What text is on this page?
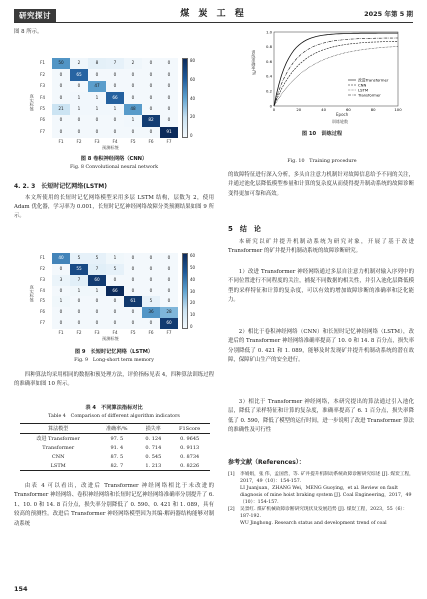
研究探讨	煤 炭 工 程	2025 年第 5 期
图 8 所示。
真实标签
F1
F2
F3
F4
F5
F6
F7
50	2	8	7	2	0	0
0	65	0	0	0	0	0
0	0	47	0	0	0	0
0	1	1	66	0	0	0
21	1	1	1	48	0	0
0	0	0	0	1	82	0
0	0	0	0	0	0	91
F1	F2	F3	F4	F5	F6	F7
预测标签
80
60
40
20
0
图 8 卷积神经网络（CNN）
Fig. 8 Convolutional neural network
4. 2. 3　长短时记忆网络(LSTM)
本文所使用的长短时记忆网络模型采用多层 LSTM 结构，层数为 2，使用 Adam 优化器，学习率为 0.001，长短时记忆神经网络故障分类预测结果如图 9 所示。
真实标签
F1
F2
F3
F4
F5
F6
F7
40	5	5	1	0	0	0
0	55	7	5	0	0	0
3	7	60	0	0	0	0
0	1	1	66	0	0	0
1	0	0	0	61	5	0
0	0	0	0	0	36	28
0	0	0	0	0	0	60
F1	F2	F3	F4	F5	F6	F7
预测标签
60
50
40
30
20
10
0
图 9　长短时记忆网络（LSTM）
Fig. 9　Long-short term memory
四种算法均采用相同的数据和预处理方法，评价指标见表 4，四种算法训练过程的准确率如图 10 所示。
表 4　不同算法指标对比
Table 4　Comparison of different algorithm indicators
算法模型	准确率/%	损失率	F1Score
改进 Transformer	97. 5	0. 124	0. 9645
Transformer	91. 4	0. 714	0. 9113
CNN	87. 5	0. 545	0. 8734
LSTM	82. 7	1. 213	0. 8226
由表 4 可以看出，改进后 Transformer 神经网络相比于未改进的 Transformer 神经网络、卷积神经网络和长短时记忆神经网络准确率分别提升了 6. 1、10. 0 和 14. 8 百分点，损失率分别降低了 0. 590、0. 421 和 1. 089，具有较高的预测性。改进后 Transformer 神经网络模型因为其编-解码器结构能够对制动系统
154
0	20	40	60	80	100
1.0
0.8
0.6
0.4
0.2
0
改进Transformer
CNN
LSTM
Transformer
训练准确率/%
Epoch
训练轮数
图 10　训练过程
Fig. 10　Training procedure
的故障特征进行深入分析，多头自注意力机制针对故障信息给予不同的关注，并通过池化层降低模型参量和计算的复杂度从而使得提升制动系统的故障诊断变得更加可靠和高效。
5　结　论
本研究以矿井提升机制动系统为研究对象，开展了基于改进 Transformer 的矿井提升机制动系统的故障诊断研究。
1）改进 Transformer 神经网络通过多层自注意力机制对输入序列中的不同位置进行不同程度的关注，捕捉不同数据的相关性，并引入池化层降低模型的采样特征和计算的复杂度，可以有效的增加故障诊断的准确率和泛化能力。
2）相比于卷积神经网络（CNN）和长短时记忆神经网络（LSTM），改进后的 Transformer 神经网络准确率提高了 10. 0 和 14. 8 百分点，损失率分别降低了 0. 421 和 1. 089，能够及时发现矿井提升机制动系统的潜在故障，保障矿山生产的安全进行。
3）相比于 Transformer 神经网络，本研究提出的算法通过引入池化层，降低了采样特征和计算的复杂度，准确率提高了 6. 1 百分点，损失率降低了 0. 590，降低了模型的运行时间，进一步说明了改进 Transformer 算法的准确性及可行性
参考文献（References）：
[1]	李娟娟，张 伟，孟国营，等. 矿井提升机制动系统故障诊断研究综述 [J]. 煤炭工程，2017，49（10）：154-157.
LI Juanjuan，ZHANG Wei，MENG Guoying，et al. Review on fault diagnosis of mine hoist braking system [J]. Coal Engineering，2017，49（10）：154-157.
[2]	吴景红. 煤矿机械故障诊断研究现状及发展趋势 [J]. 煤炭工程，2023，55（6）：187-192.
WU Jinghong. Research status and development trend of coal
